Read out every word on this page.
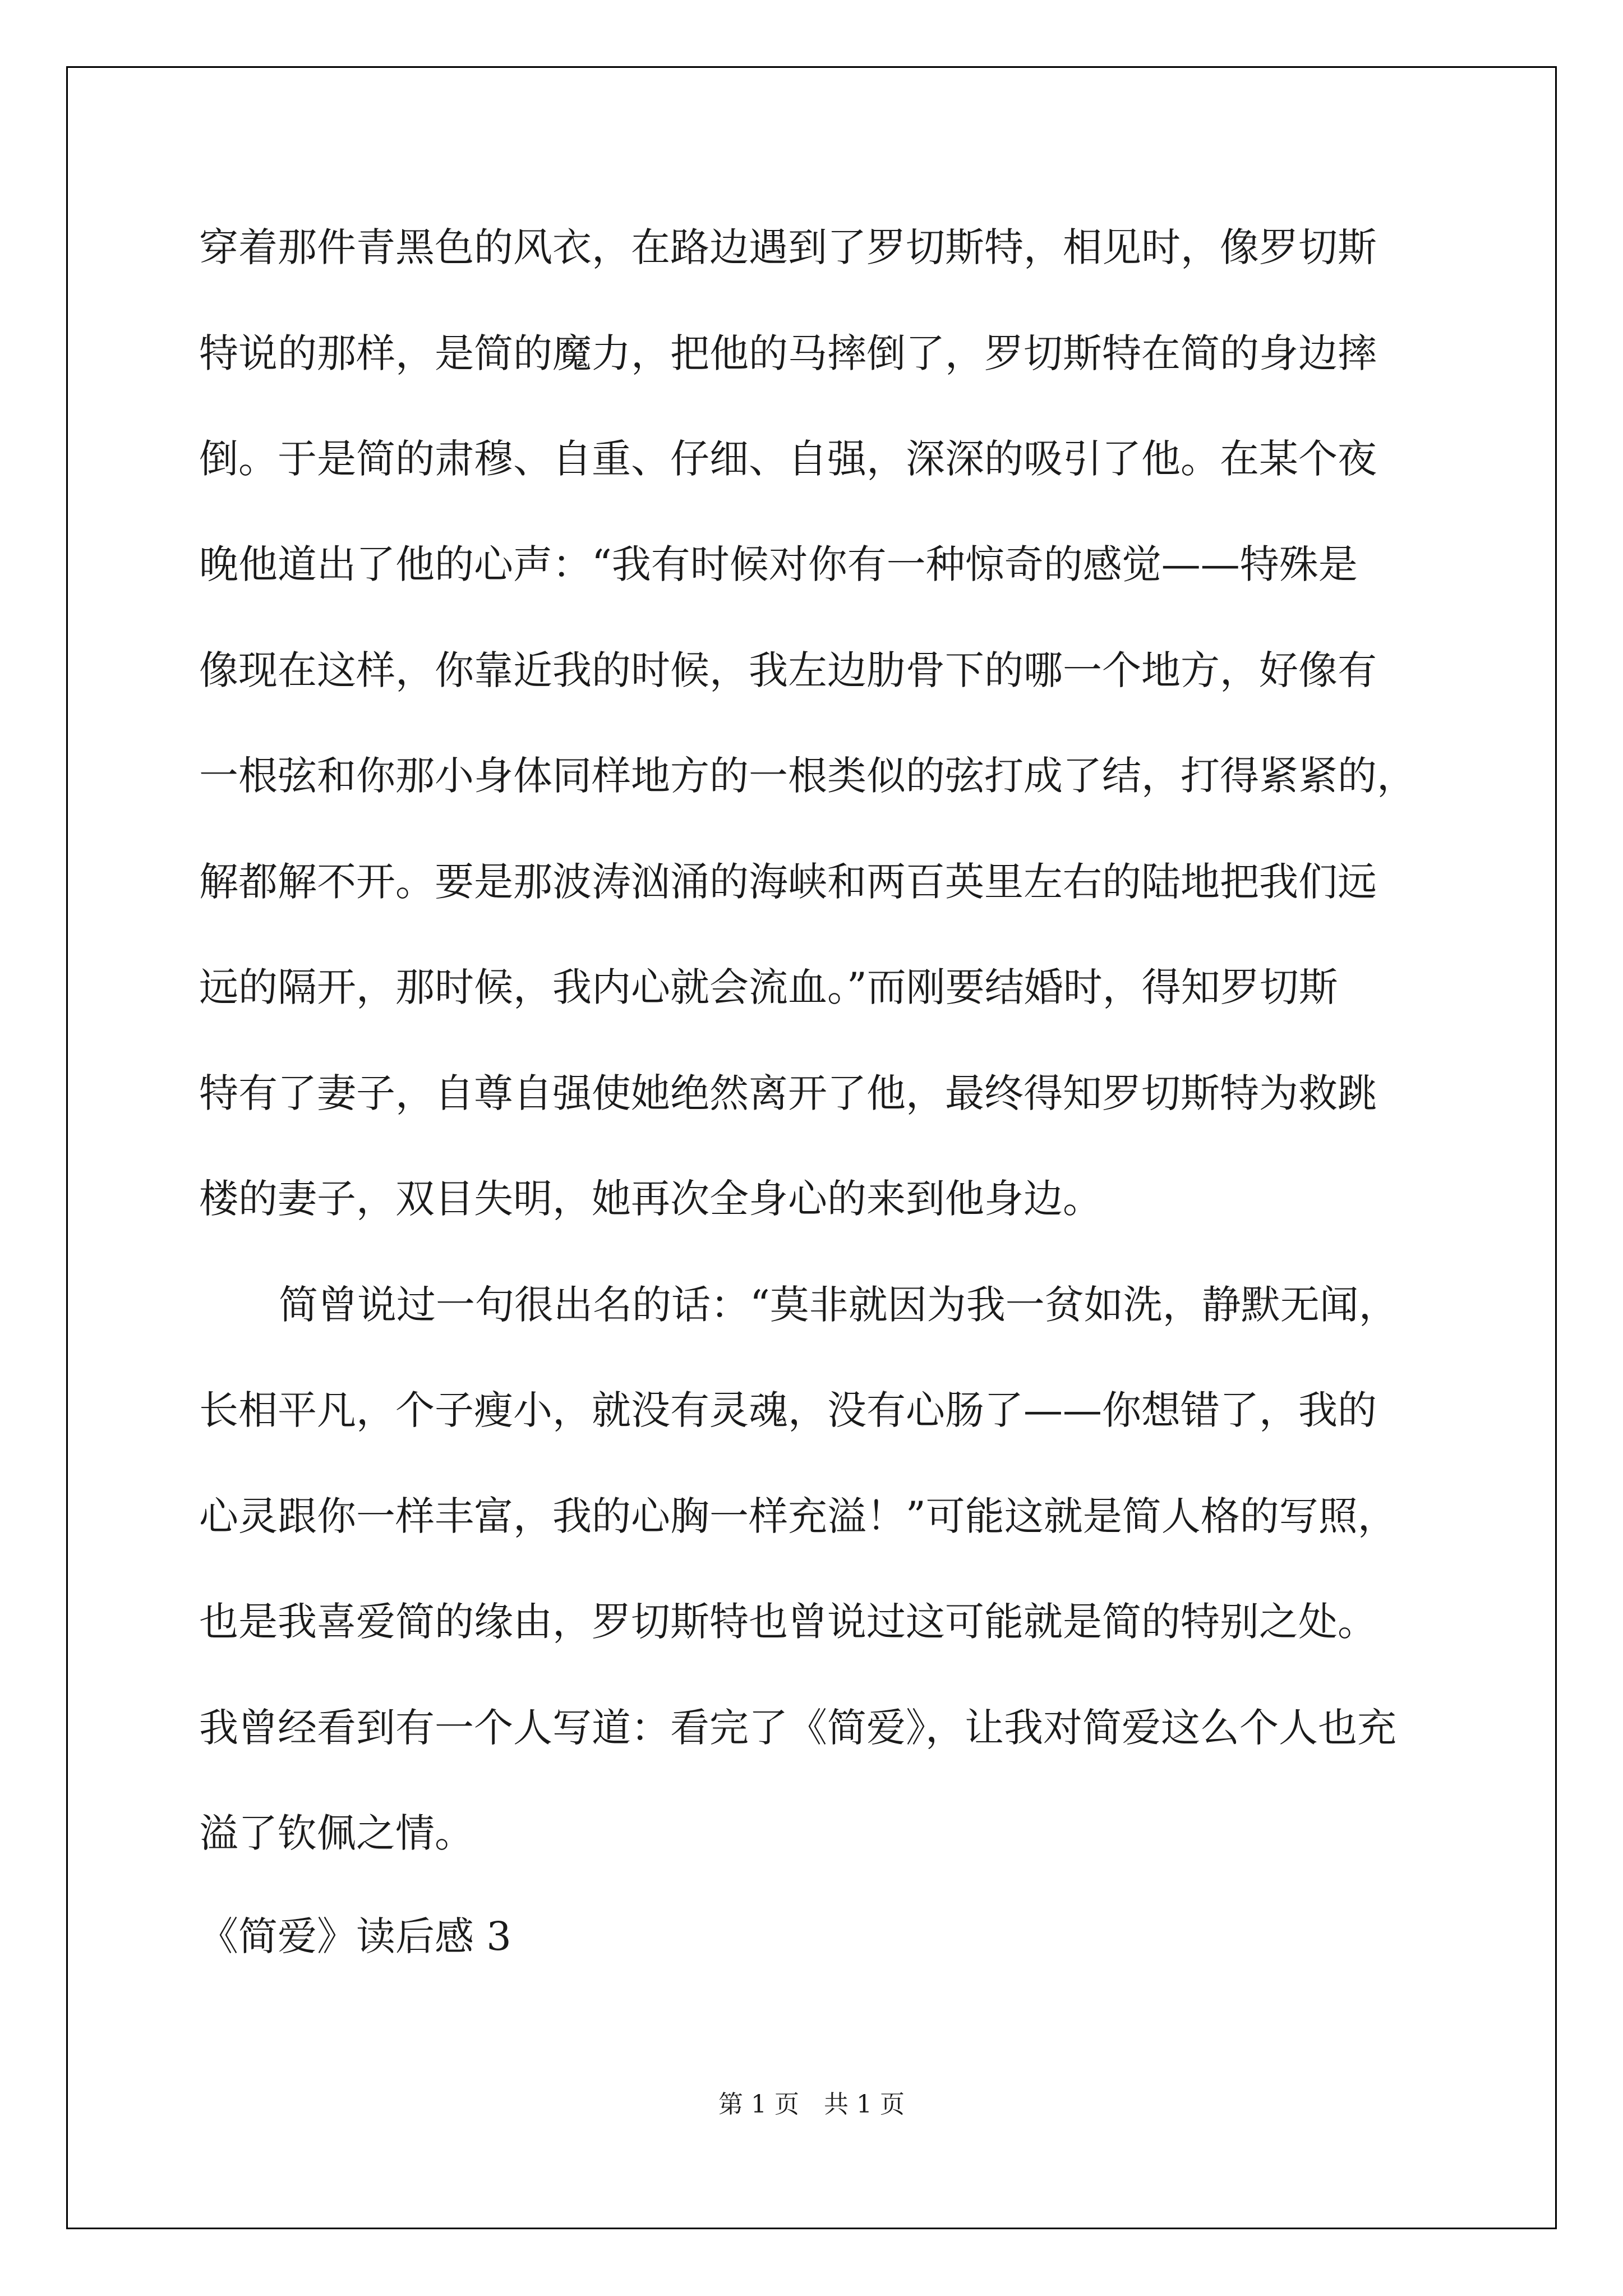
穿着那件青黑色的风衣，在路边遇到了罗切斯特，相见时，像罗切斯

特说的那样，是简的魔力，把他的马摔倒了，罗切斯特在简的身边摔

倒。于是简的肃穆、自重、仔细、自强，深深的吸引了他。在某个夜

晚他道出了他的心声：“我有时候对你有一种惊奇的感觉——特殊是

像现在这样，你靠近我的时候，我左边肋骨下的哪一个地方，好像有

一根弦和你那小身体同样地方的一根类似的弦打成了结，打得紧紧的，

解都解不开。要是那波涛汹涌的海峡和两百英里左右的陆地把我们远

远的隔开，那时候，我内心就会流血。”而刚要结婚时，得知罗切斯

特有了妻子，自尊自强使她绝然离开了他，最终得知罗切斯特为救跳

楼的妻子，双目失明，她再次全身心的来到他身边。

简曾说过一句很出名的话：“莫非就因为我一贫如洗，静默无闻，

长相平凡，个子瘦小，就没有灵魂，没有心肠了——你想错了，我的

心灵跟你一样丰富，我的心胸一样充溢！”可能这就是简人格的写照，

也是我喜爱简的缘由，罗切斯特也曾说过这可能就是简的特别之处。

我曾经看到有一个人写道：看完了《简爱》，让我对简爱这么个人也充

溢了钦佩之情。

《简爱》读后感 3
第 1 页　共 1 页
